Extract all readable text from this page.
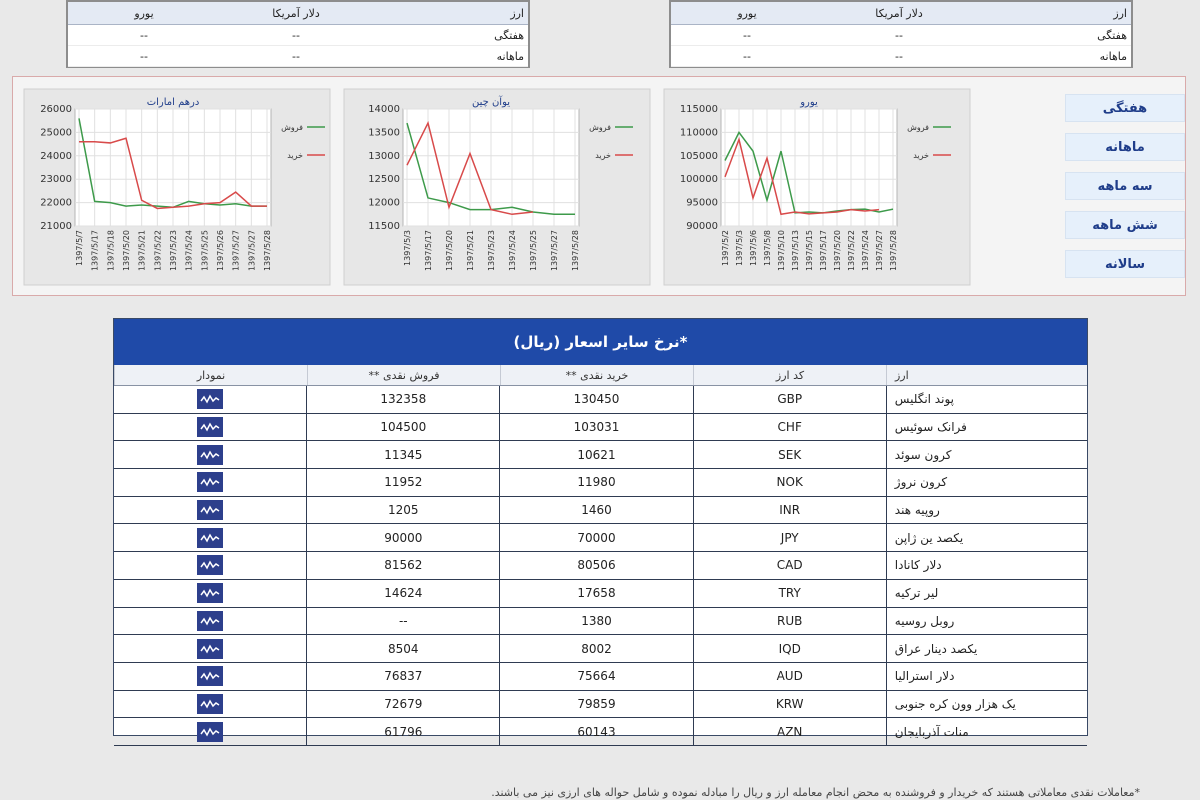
ارز
دلار آمریکا
یورو
هفتگی
--
--
ماهانه
--
--
ارز
دلار آمریکا
یورو
هفتگی
--
--
ماهانه
--
--
یورو
90000
95000
100000
105000
110000
115000
1397/5/2 1397/5/3 1397/5/6 1397/5/8 1397/5/10 1397/5/13 1397/5/15 1397/5/17 1397/5/20 1397/5/22 1397/5/24 1397/5/27 1397/5/28
فروش
خرید
یوآن چین
11500
12000
12500
13000
13500
14000
1397/5/3 1397/5/17 1397/5/20 1397/5/21 1397/5/23 1397/5/24 1397/5/25 1397/5/27 1397/5/28
فروش
خرید
درهم امارات
21000
22000
23000
24000
25000
26000
1397/5/7 1397/5/17 1397/5/18 1397/5/20 1397/5/21 1397/5/22 1397/5/23 1397/5/24 1397/5/25 1397/5/26 1397/5/27 1397/5/27 1397/5/28
فروش
خرید
هفتگی
ماهانه
سه ماهه
شش ماهه
سالانه
نرخ سایر اسعار (ریال)*
ارز
کد ارز
خرید نقدی **
فروش نقدی **
نمودار
پوند انگلیس
GBP
130450
132358
فرانک سوئیس
CHF
103031
104500
کرون سوئد
SEK
10621
11345
کرون نروژ
NOK
11980
11952
روپیه هند
INR
1460
1205
یکصد ین ژاپن
JPY
70000
90000
دلار کانادا
CAD
80506
81562
لیر ترکیه
TRY
17658
14624
روبل روسیه
RUB
1380
--
یکصد دینار عراق
IQD
8002
8504
دلار استرالیا
AUD
75664
76837
یک هزار وون کره جنوبی
KRW
79859
72679
منات آذربایجان
AZN
60143
61796
*معاملات نقدی معاملاتی هستند که خریدار و فروشنده به محض انجام معامله ارز و ریال را مبادله نموده و شامل حواله های ارزی نیز می باشند.
